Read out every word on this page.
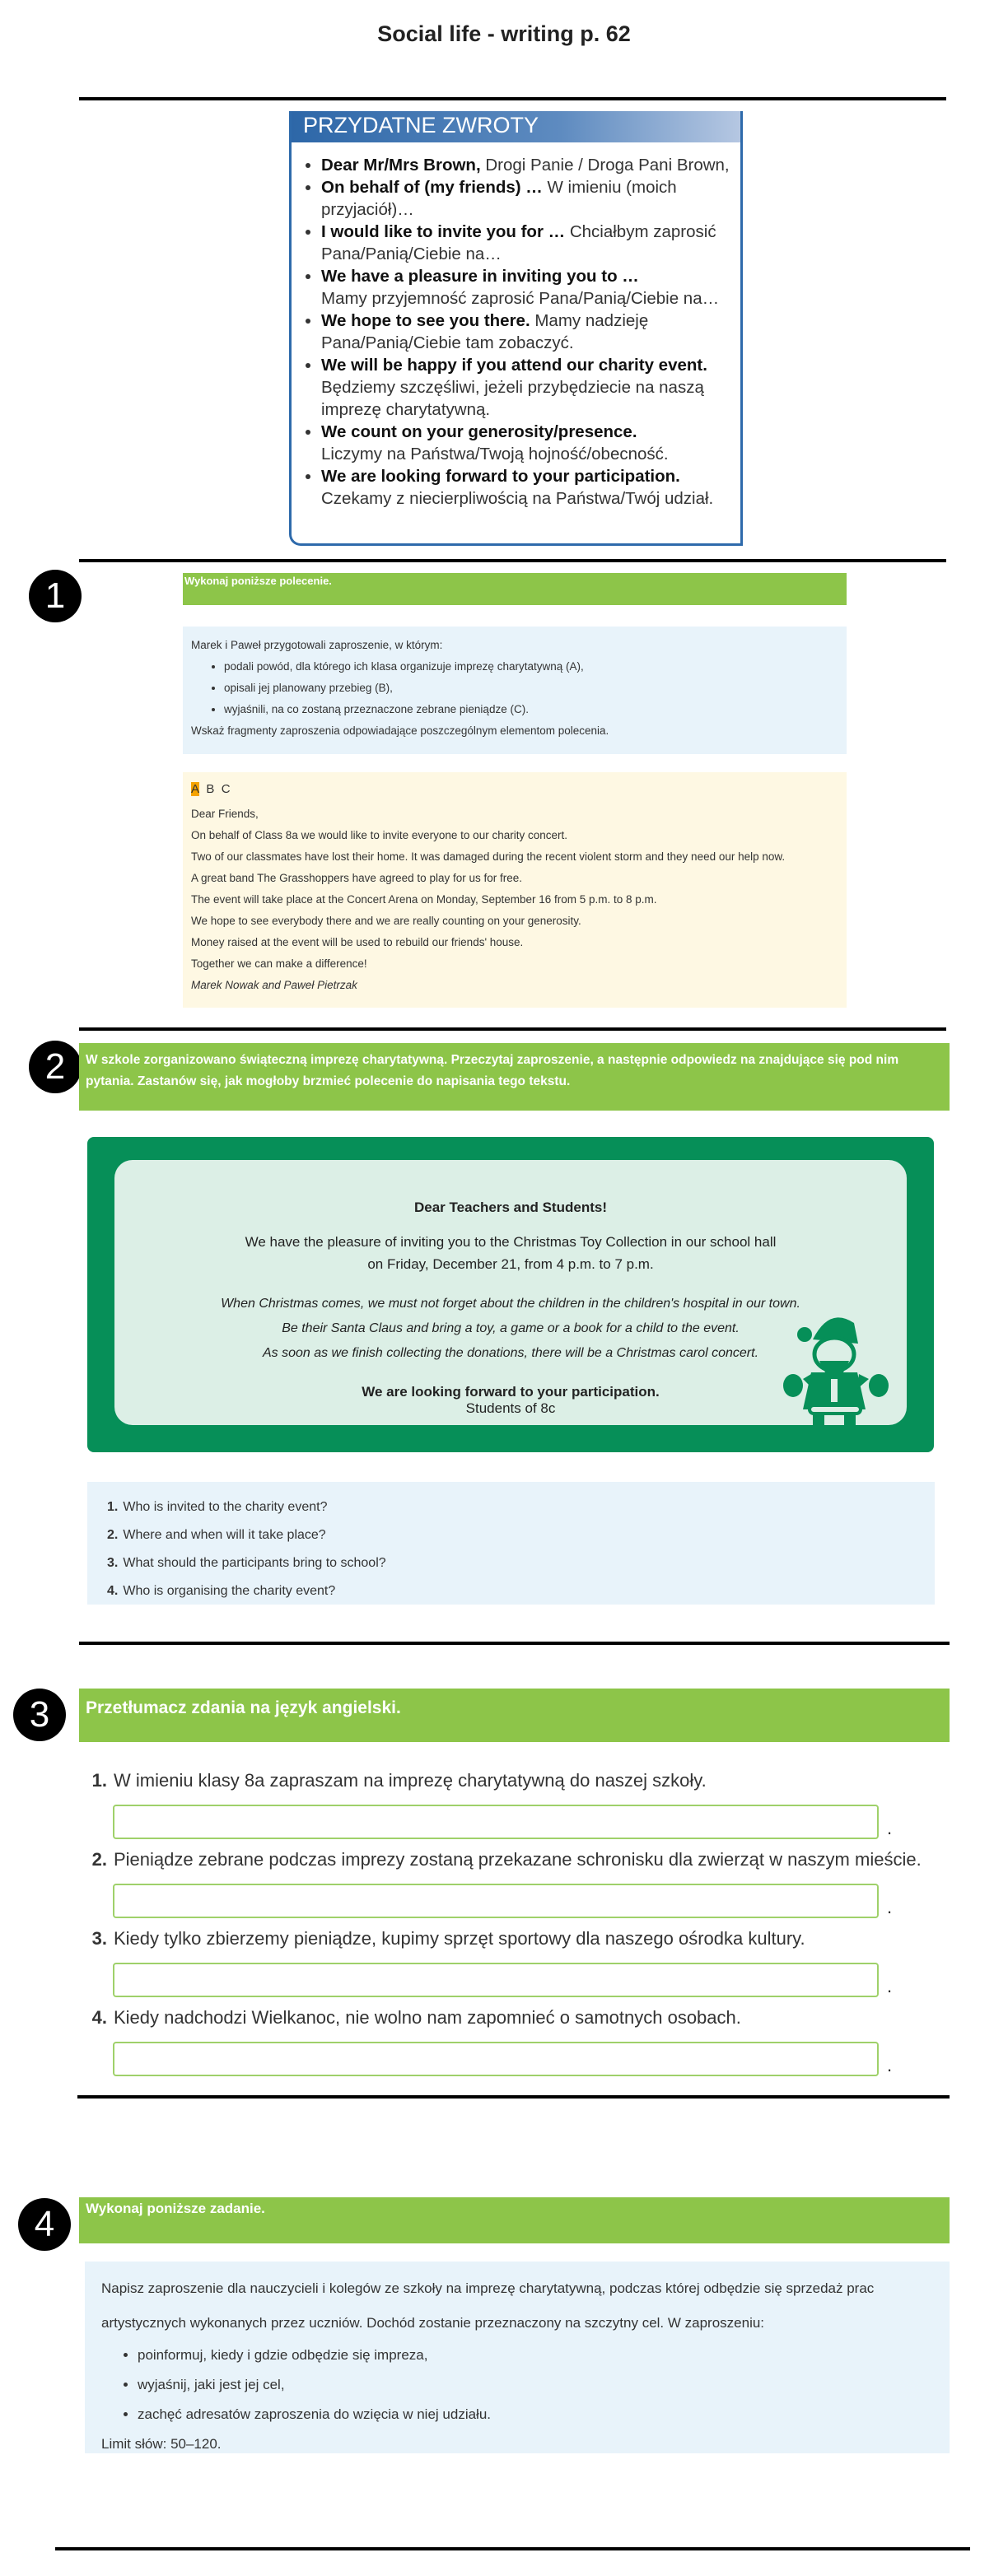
Social life - writing p. 62
PRZYDATNE ZWROTY
• Dear Mr/Mrs Brown, Drogi Panie / Droga Pani Brown,
• On behalf of (my friends) … W imieniu (moich przyjaciół)…
• I would like to invite you for … Chciałbym zaprosić Pana/Panią/Ciebie na…
• We have a pleasure in inviting you to …
Mamy przyjemność zaprosić Pana/Panią/Ciebie na…
• We hope to see you there. Mamy nadzieję Pana/Panią/Ciebie tam zobaczyć.
• We will be happy if you attend our charity event.
Będziemy szczęśliwi, jeżeli przybędziecie na naszą imprezę charytatywną.
• We count on your generosity/presence.
Liczymy na Państwa/Twoją hojność/obecność.
• We are looking forward to your participation.
Czekamy z niecierpliwością na Państwa/Twój udział.
1	Wykonaj poniższe polecenie.

Marek i Paweł przygotowali zaproszenie, w którym:

• podali powód, dla którego ich klasa organizuje imprezę charytatywną (A),
• opisali jej planowany przebieg (B),
• wyjaśnili, na co zostaną przeznaczone zebrane pieniądze (C).

Wskaż fragmenty zaproszenia odpowiadające poszczególnym elementom polecenia.

A B C

Dear Friends,

On behalf of Class 8a we would like to invite everyone to our charity concert.

Two of our classmates have lost their home. It was damaged during the recent violent storm and they need our help now.

A great band The Grasshoppers have agreed to play for us for free.

The event will take place at the Concert Arena on Monday, September 16 from 5 p.m. to 8 p.m.

We hope to see everybody there and we are really counting on your generosity.

Money raised at the event will be used to rebuild our friends' house.

Together we can make a difference!

Marek Nowak and Paweł Pietrzak

2	W szkole zorganizowano świąteczną imprezę charytatywną. Przeczytaj zaproszenie, a następnie odpowiedz na znajdujące się pod nim pytania. Zastanów się, jak mogłoby brzmieć polecenie do napisania tego tekstu.

Dear Teachers and Students!

We have the pleasure of inviting you to the Christmas Toy Collection in our school hall

on Friday, December 21, from 4 p.m. to 7 p.m.

When Christmas comes, we must not forget about the children in the children's hospital in our town.

Be their Santa Claus and bring a toy, a game or a book for a child to the event.

As soon as we finish collecting the donations, there will be a Christmas carol concert.

We are looking forward to your participation.

Students of 8c

1. Who is invited to the charity event?
2. Where and when will it take place?
3. What should the participants bring to school?
4. Who is organising the charity event?
3	Przetłumacz zdania na język angielski.
1. W imieniu klasy 8a zapraszam na imprezę charytatywną do naszej szkoły.
.
2. Pieniądze zebrane podczas imprezy zostaną przekazane schronisku dla zwierząt w naszym mieście.
.
3. Kiedy tylko zbierzemy pieniądze, kupimy sprzęt sportowy dla naszego ośrodka kultury.
.
4. Kiedy nadchodzi Wielkanoc, nie wolno nam zapomnieć o samotnych osobach.
.
4	Wykonaj poniższe zadanie.

Napisz zaproszenie dla nauczycieli i kolegów ze szkoły na imprezę charytatywną, podczas której odbędzie się sprzedaż prac artystycznych wykonanych przez uczniów. Dochód zostanie przeznaczony na szczytny cel. W zaproszeniu:

• poinformuj, kiedy i gdzie odbędzie się impreza,
• wyjaśnij, jaki jest jej cel,
• zachęć adresatów zaproszenia do wzięcia w niej udziału.

Limit słów: 50–120.
